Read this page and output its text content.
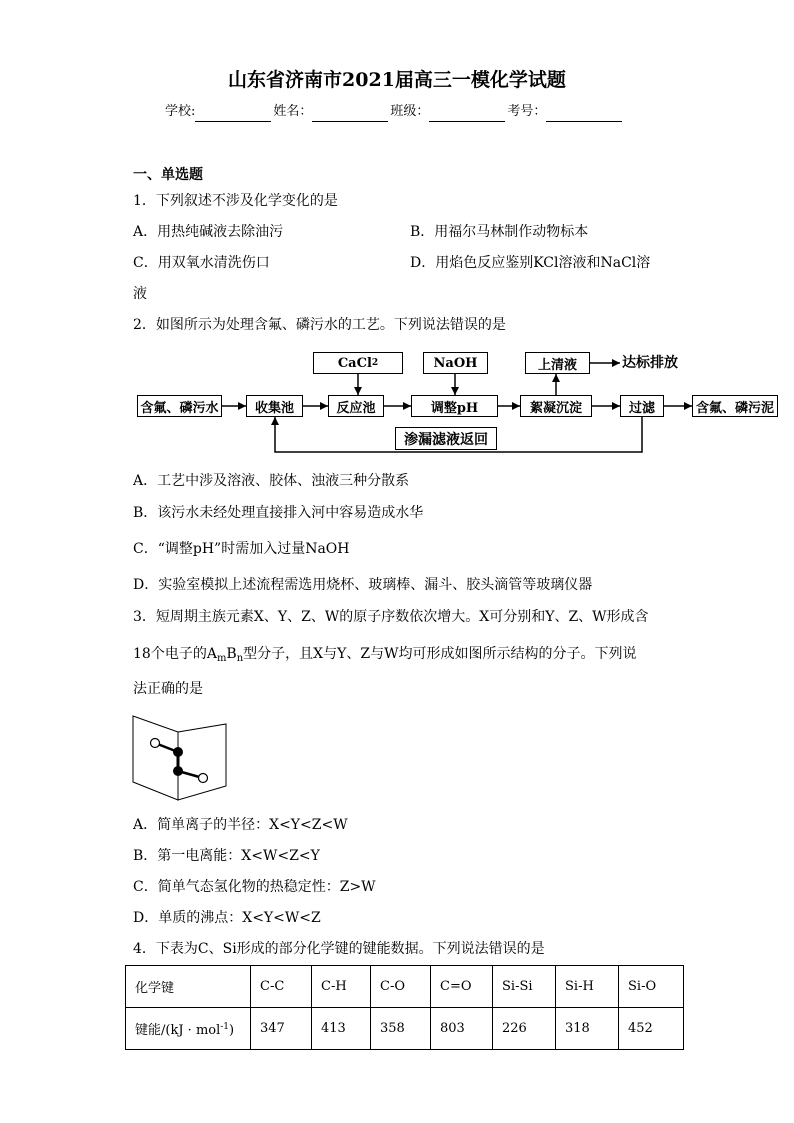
山东省济南市2021届高三一模化学试题
学校:	姓名：	班级：	考号：
一、单选题
1．下列叙述不涉及化学变化的是
A．用热纯碱液去除油污	B．用福尔马林制作动物标本
C．用双氧水清洗伤口	D．用焰色反应鉴别KCl溶液和NaCl溶
液
2．如图所示为处理含氟、磷污水的工艺。下列说法错误的是
CaCl 2	NaOH	上清液	达标排放
含氟、磷污水	收集池	反应池	调整pH	絮凝沉淀	过滤	含氟、磷污泥
渗漏滤液返回
A．工艺中涉及溶液、胶体、浊液三种分散系
B．该污水未经处理直接排入河中容易造成水华
C．“调整pH”时需加入过量NaOH
D．实验室模拟上述流程需选用烧杯、玻璃棒、漏斗、胶头滴管等玻璃仪器
3．短周期主族元素X、Y、Z、W的原子序数依次增大。X可分别和Y、Z、W形成含
18个电子的$A_mB_n$型分子，且X与Y、Z与W均可形成如图所示结构的分子。下列说
法正确的是
A．简单离子的半径：X<Y<Z<W
B．第一电离能：X<W<Z<Y
C．简单气态氢化物的热稳定性：Z>W
D．单质的沸点：X<Y<W<Z
4．下表为C、Si形成的部分化学键的键能数据。下列说法错误的是
化学键	C-C	C-H	C-O	C=O	Si-Si	Si-H	Si-O
键能/(kJ · mol$^{-1}$)	347	413	358	803	226	318	452
